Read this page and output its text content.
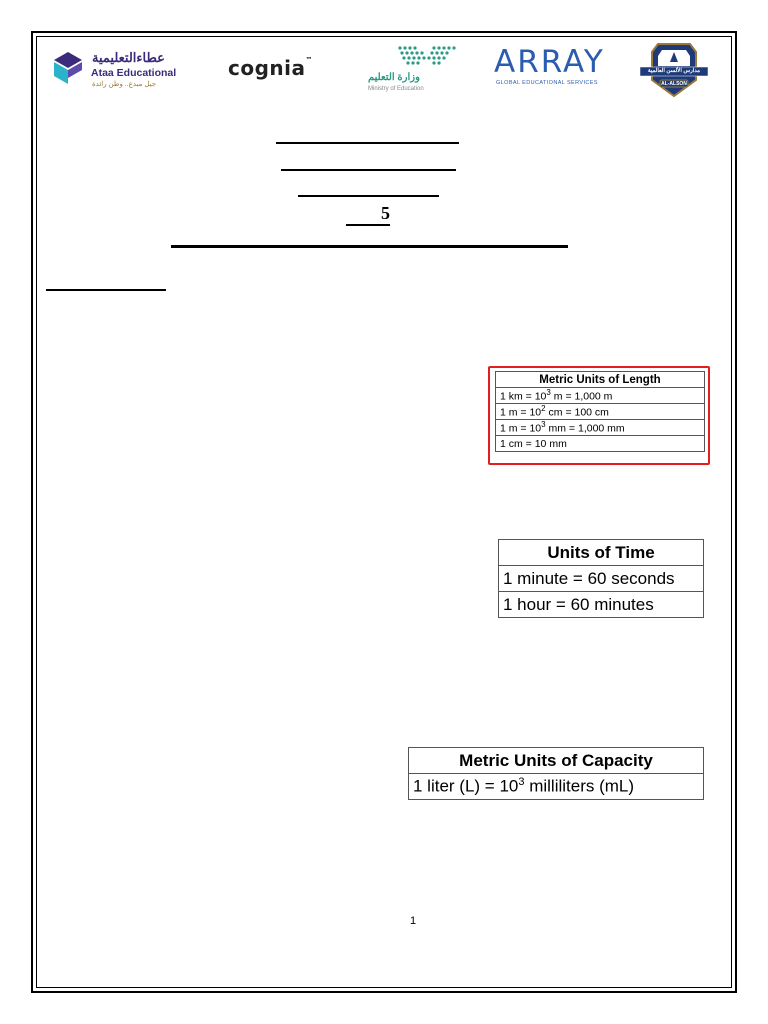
عطاءالتعليمية
Ataa Educational
جيل مبدع.. وطن رائدة
cognia™
وزارة التعليم
Ministry of Education
ARRAY
GLOBAL EDUCATIONAL SERVICES
مدارس الألسن العالمية
AL-ALSON
5
Metric Units of Length
1 km = $10^3$ m = 1,000 m
1 $m = 10^2$ cm = 100 cm
1 $m = 10^3$ mm = 1,000 mm
1 cm = 10 mm
Units of Time
1 minute = 60 seconds
1 hour = 60 minutes
Metric Units of Capacity
1 liter $(L) = 10^3$ milliliters (mL)
1
